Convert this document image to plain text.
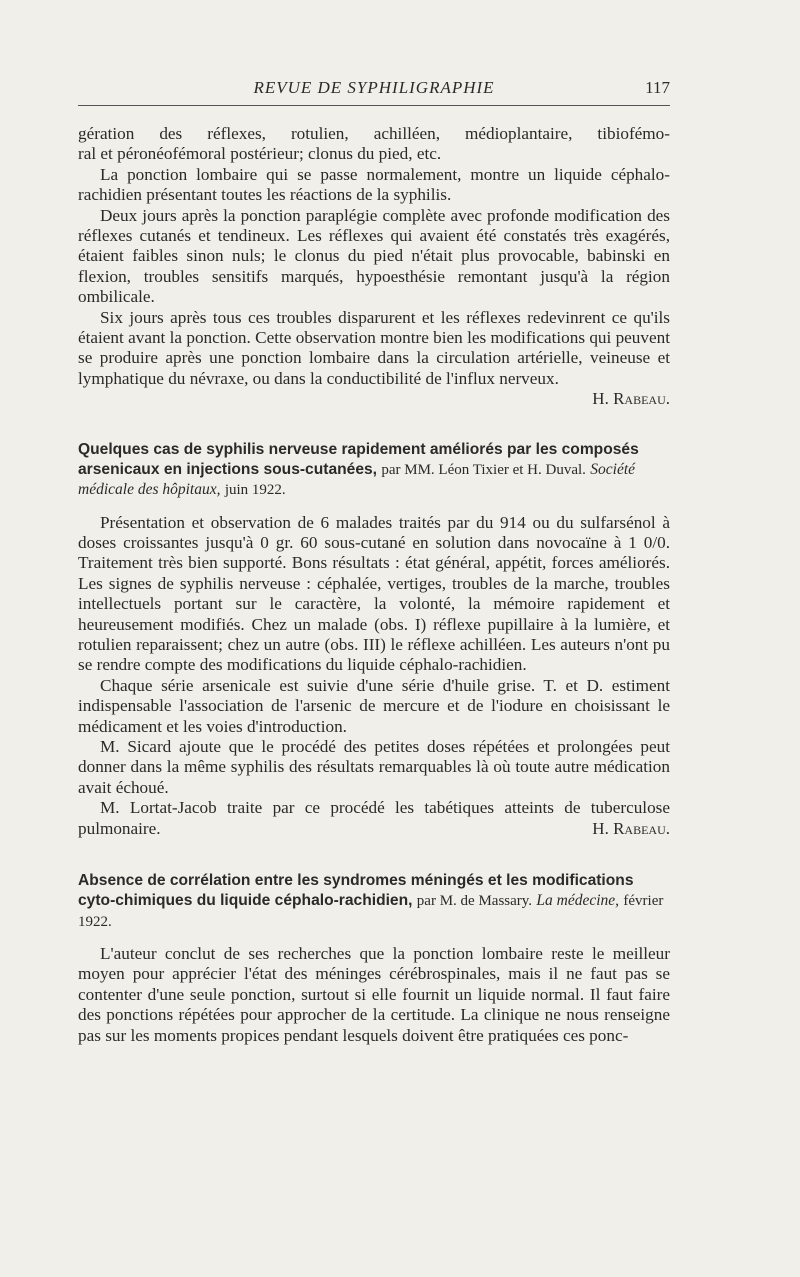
REVUE DE SYPHILIGRAPHIE	117

gération des réflexes, rotulien, achilléen, médioplantaire, tibiofémo-

ral et péronéofémoral postérieur; clonus du pied, etc.

La ponction lombaire qui se passe normalement, montre un liquide céphalo-rachidien présentant toutes les réactions de la syphilis.

Deux jours après la ponction paraplégie complète avec profonde modification des réflexes cutanés et tendineux. Les réflexes qui avaient été constatés très exagérés, étaient faibles sinon nuls; le clonus du pied n'était plus provocable, babinski en flexion, troubles sensitifs marqués, hypoesthésie remontant jusqu'à la région ombilicale.

Six jours après tous ces troubles disparurent et les réflexes redevinrent ce qu'ils étaient avant la ponction. Cette observation montre bien les modifications qui peuvent se produire après une ponction lombaire dans la circulation artérielle, veineuse et lymphatique du névraxe, ou dans la conductibilité de l'influx nerveux.

H. Rabeau.

Quelques cas de syphilis nerveuse rapidement améliorés par les composés arsenicaux en injections sous-cutanées, par MM. Léon Tixier et H. Duval. Société médicale des hôpitaux, juin 1922.

Présentation et observation de 6 malades traités par du 914 ou du sulfarsénol à doses croissantes jusqu'à 0 gr. 60 sous-cutané en solution dans novocaïne à 1 0/0. Traitement très bien supporté. Bons résultats : état général, appétit, forces améliorés. Les signes de syphilis nerveuse : céphalée, vertiges, troubles de la marche, troubles intellectuels portant sur le caractère, la volonté, la mémoire rapidement et heureusement modifiés. Chez un malade (obs. I) réflexe pupillaire à la lumière, et rotulien reparaissent; chez un autre (obs. III) le réflexe achilléen. Les auteurs n'ont pu se rendre compte des modifications du liquide céphalo-rachidien.

Chaque série arsenicale est suivie d'une série d'huile grise. T. et D. estiment indispensable l'association de l'arsenic de mercure et de l'iodure en choisissant le médicament et les voies d'introduction.

M. Sicard ajoute que le procédé des petites doses répétées et prolongées peut donner dans la même syphilis des résultats remarquables là où toute autre médication avait échoué.

M. Lortat-Jacob traite par ce procédé les tabétiques atteints de tuberculose pulmonaire.	H. Rabeau.

Absence de corrélation entre les syndromes méningés et les modifications cyto-chimiques du liquide céphalo-rachidien, par M. de Massary. La médecine, février 1922.

L'auteur conclut de ses recherches que la ponction lombaire reste le meilleur moyen pour apprécier l'état des méninges cérébrospinales, mais il ne faut pas se contenter d'une seule ponction, surtout si elle fournit un liquide normal. Il faut faire des ponctions répétées pour approcher de la certitude. La clinique ne nous renseigne pas sur les moments propices pendant lesquels doivent être pratiquées ces ponc-
